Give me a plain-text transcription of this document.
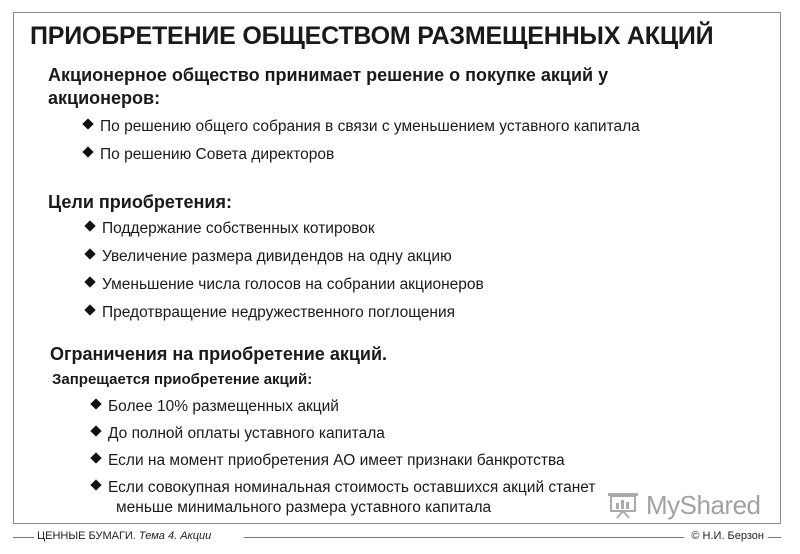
ПРИОБРЕТЕНИЕ ОБЩЕСТВОМ РАЗМЕЩЕННЫХ АКЦИЙ
Акционерное общество принимает решение о покупке акций у
акционеров:
По решению общего собрания в связи с уменьшением уставного капитала
По решению Совета директоров
Цели приобретения:
Поддержание собственных котировок
Увеличение размера дивидендов на одну акцию
Уменьшение числа голосов на собрании акционеров
Предотвращение недружественного поглощения
Ограничения на приобретение акций.
Запрещается приобретение акций:
Более 10% размещенных акций
До полной оплаты уставного капитала
Если на момент приобретения АО имеет признаки банкротства
Если совокупная номинальная стоимость оставшихся акций станет
меньше минимального размера уставного капитала	MyShared
ЦЕННЫЕ БУМАГИ. Тема 4. Акции	© Н.И. Берзон
